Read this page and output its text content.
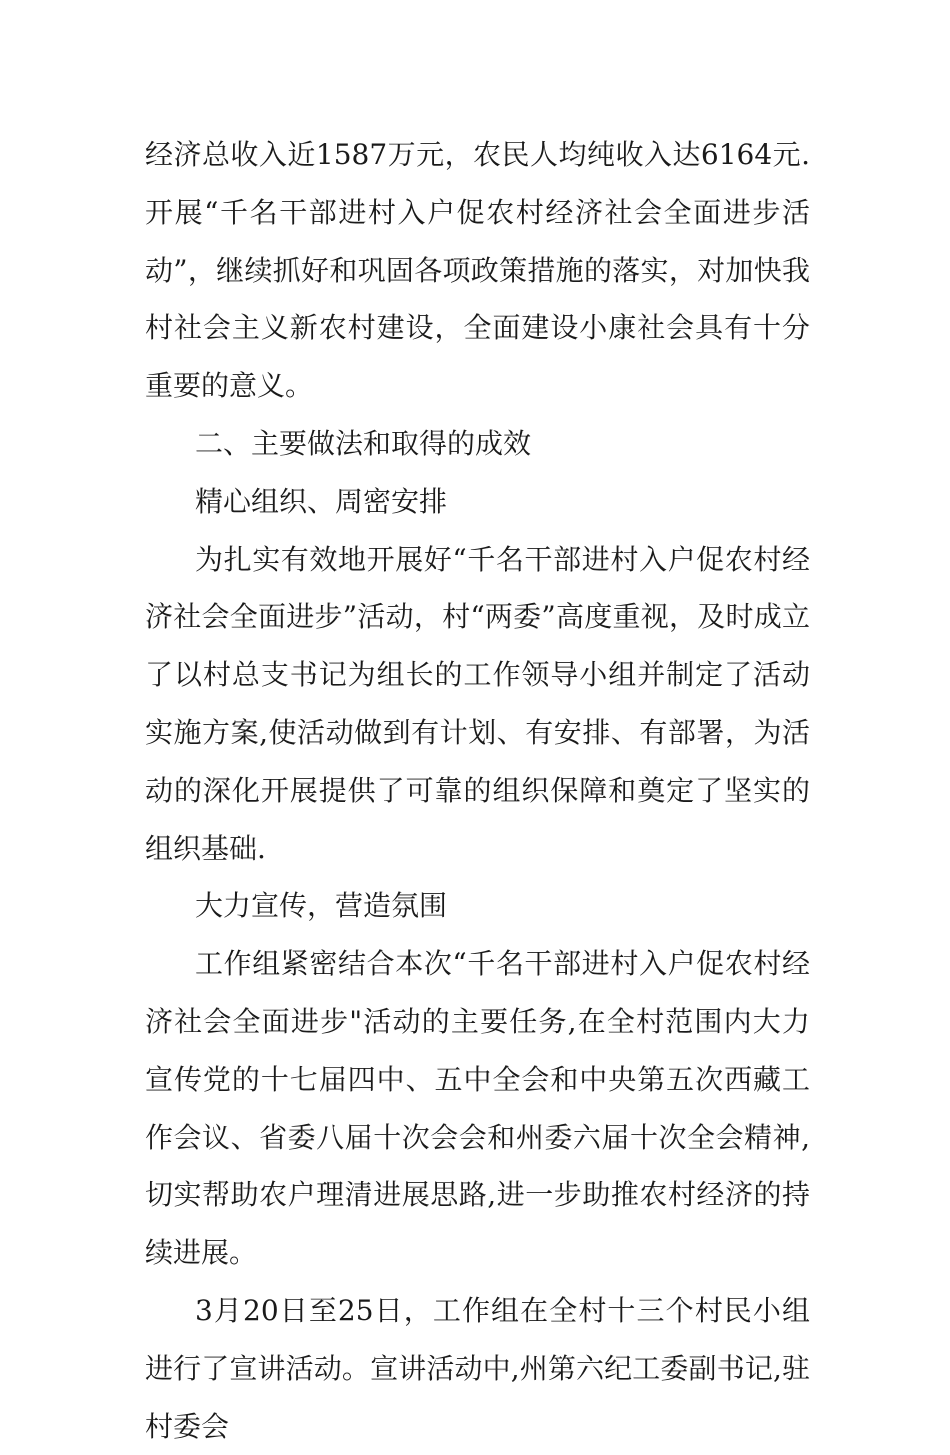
经济总收入近1587万元，农民人均纯收入达6164元.开展“千名干部进村入户促农村经济社会全面进步活动”，继续抓好和巩固各项政策措施的落实，对加快我村社会主义新农村建设，全面建设小康社会具有十分重要的意义。

二、主要做法和取得的成效

精心组织、周密安排

为扎实有效地开展好“千名干部进村入户促农村经济社会全面进步”活动，村“两委”高度重视，及时成立了以村总支书记为组长的工作领导小组并制定了活动实施方案,使活动做到有计划、有安排、有部署，为活动的深化开展提供了可靠的组织保障和奠定了坚实的组织基础.

大力宣传，营造氛围

工作组紧密结合本次“千名干部进村入户促农村经济社会全面进步"活动的主要任务,在全村范围内大力宣传党的十七届四中、五中全会和中央第五次西藏工作会议、省委八届十次会会和州委六届十次全会精神,切实帮助农户理清进展思路,进一步助推农村经济的持续进展。

3月20日至25日，工作组在全村十三个村民小组进行了宣讲活动。宣讲活动中,州第六纪工委副书记,驻村委会
